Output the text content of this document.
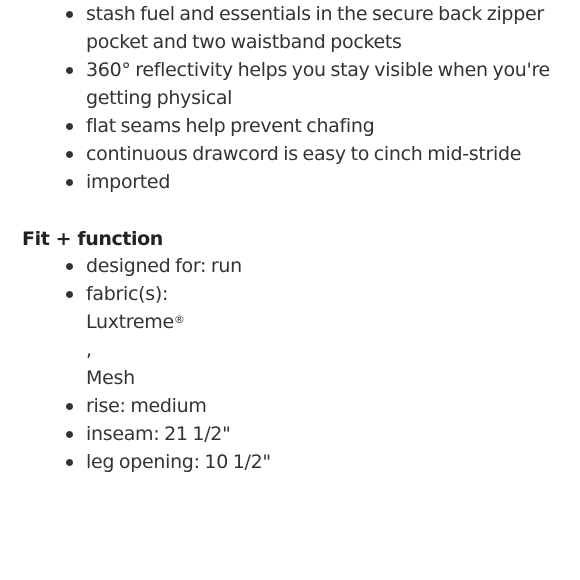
stash fuel and essentials in the secure back zipper pocket and two waistband pockets
360° reflectivity helps you stay visible when you're getting physical
flat seams help prevent chafing
continuous drawcord is easy to cinch mid-stride
imported
Fit + function
designed for: run
fabric(s):
Luxtreme®
,
Mesh
rise: medium
inseam: 21 1/2"
leg opening: 10 1/2"
